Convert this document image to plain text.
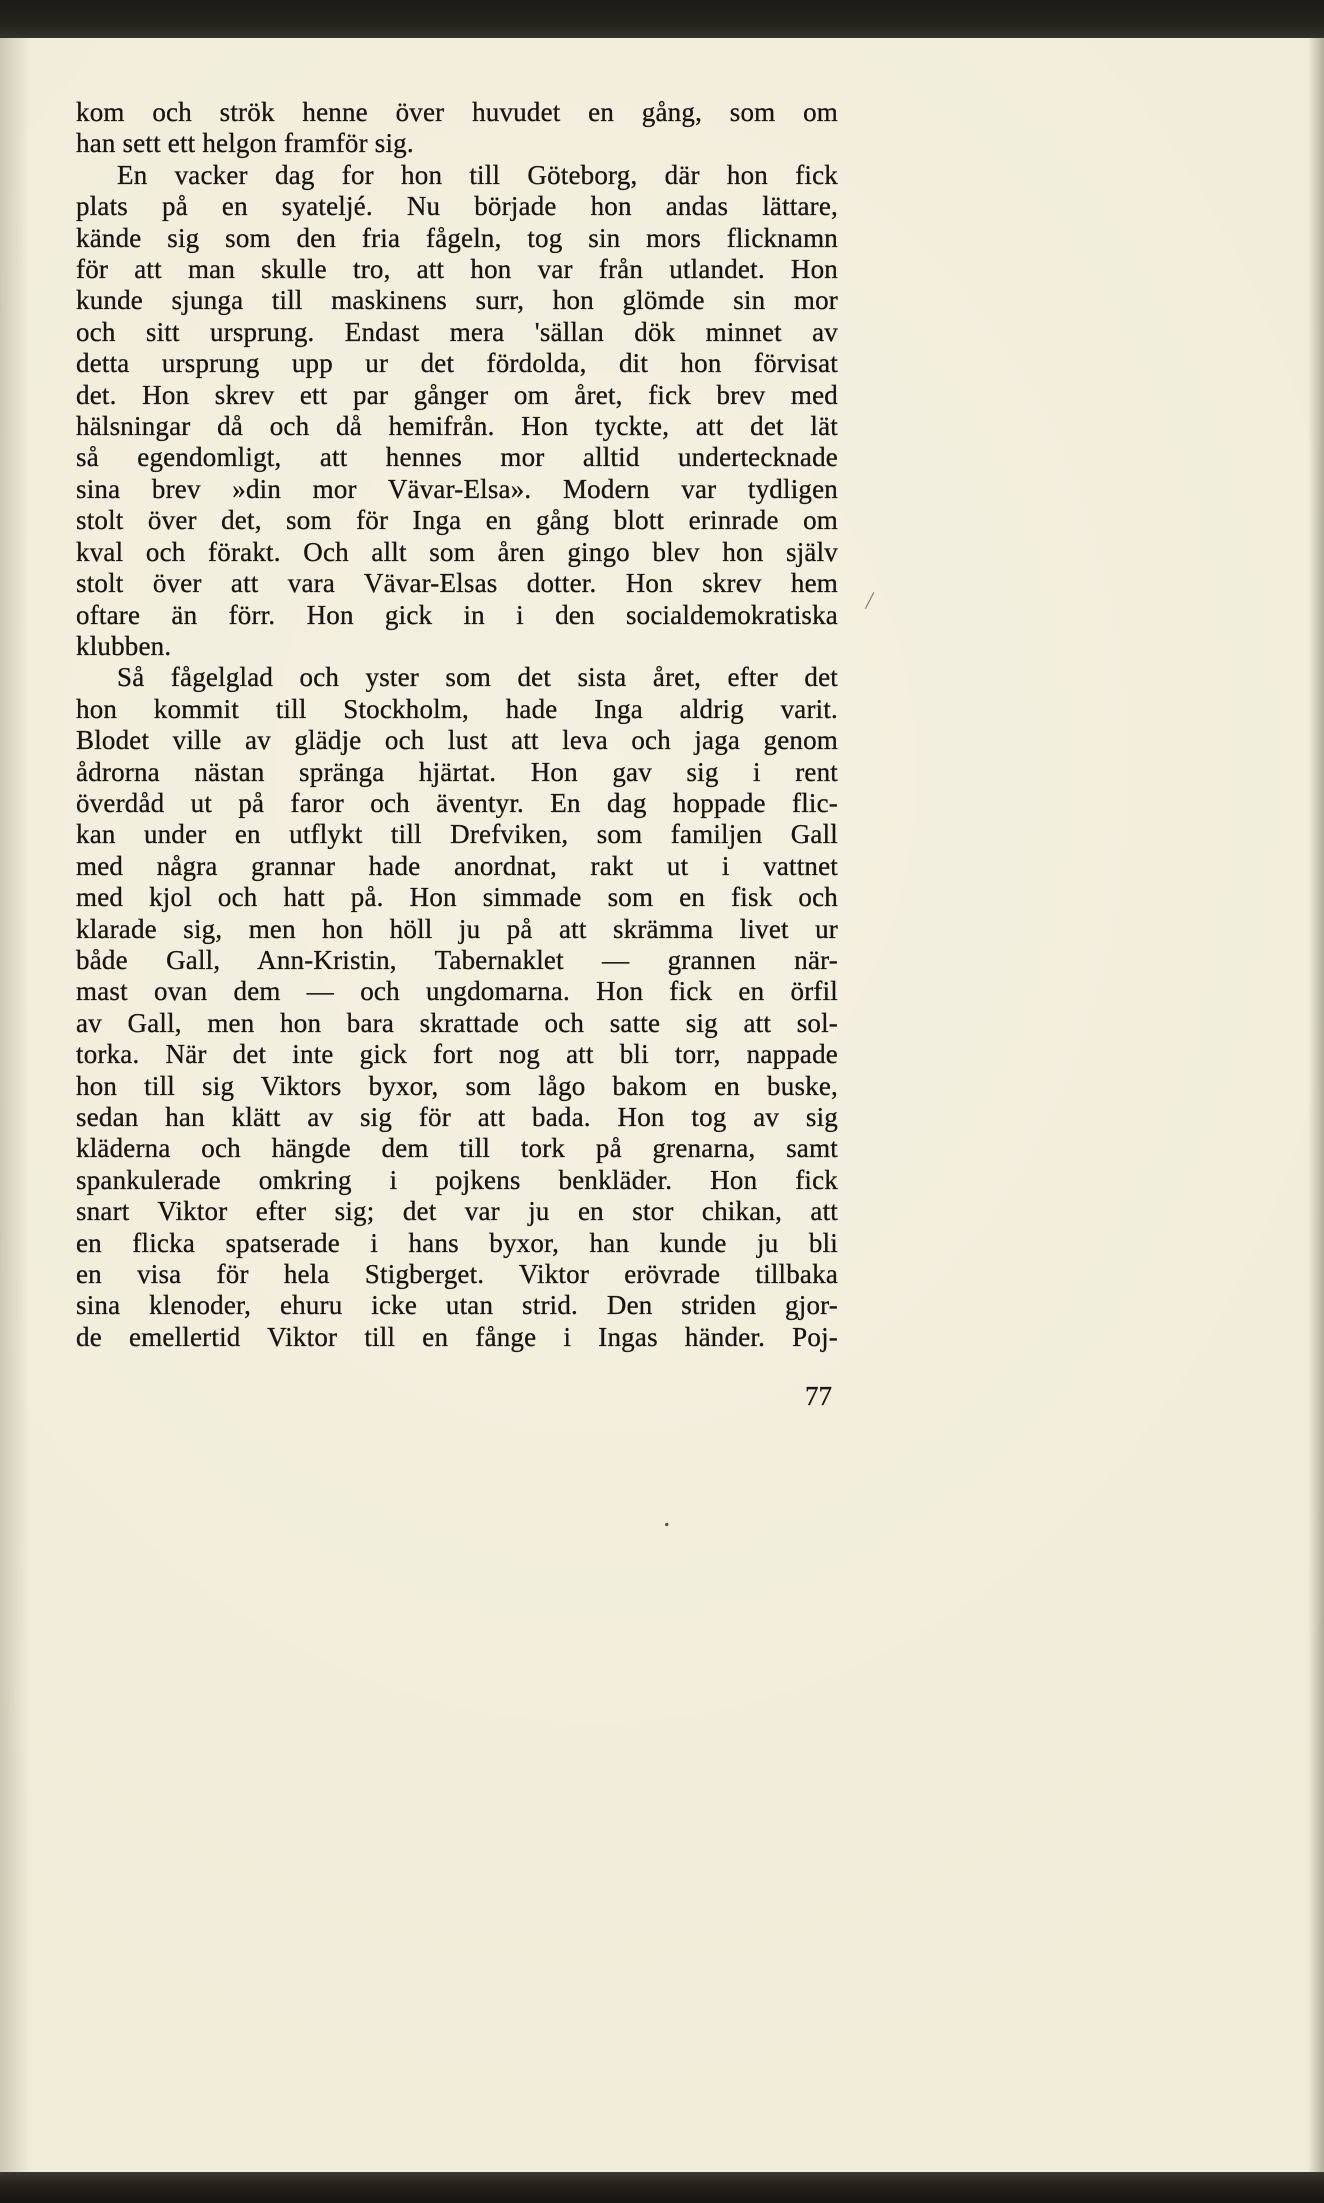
kom och strök henne över huvudet en gång, som om
han sett ett helgon framför sig.
En vacker dag for hon till Göteborg, där hon fick
plats på en syateljé. Nu började hon andas lättare,
kände sig som den fria fågeln, tog sin mors flicknamn
för att man skulle tro, att hon var från utlandet. Hon
kunde sjunga till maskinens surr, hon glömde sin mor
och sitt ursprung. Endast mera 'sällan dök minnet av
detta ursprung upp ur det fördolda, dit hon förvisat
det. Hon skrev ett par gånger om året, fick brev med
hälsningar då och då hemifrån. Hon tyckte, att det lät
så egendomligt, att hennes mor alltid undertecknade
sina brev »din mor Vävar-Elsa». Modern var tydligen
stolt över det, som för Inga en gång blott erinrade om
kval och förakt. Och allt som åren gingo blev hon själv
stolt över att vara Vävar-Elsas dotter. Hon skrev hem
oftare än förr. Hon gick in i den socialdemokratiska
klubben.
Så fågelglad och yster som det sista året, efter det
hon kommit till Stockholm, hade Inga aldrig varit.
Blodet ville av glädje och lust att leva och jaga genom
ådrorna nästan spränga hjärtat. Hon gav sig i rent
överdåd ut på faror och äventyr. En dag hoppade flic-
kan under en utflykt till Drefviken, som familjen Gall
med några grannar hade anordnat, rakt ut i vattnet
med kjol och hatt på. Hon simmade som en fisk och
klarade sig, men hon höll ju på att skrämma livet ur
både Gall, Ann-Kristin, Tabernaklet — grannen när-
mast ovan dem — och ungdomarna. Hon fick en örfil
av Gall, men hon bara skrattade och satte sig att sol-
torka. När det inte gick fort nog att bli torr, nappade
hon till sig Viktors byxor, som lågo bakom en buske,
sedan han klätt av sig för att bada. Hon tog av sig
kläderna och hängde dem till tork på grenarna, samt
spankulerade omkring i pojkens benkläder. Hon fick
snart Viktor efter sig; det var ju en stor chikan, att
en flicka spatserade i hans byxor, han kunde ju bli
en visa för hela Stigberget. Viktor erövrade tillbaka
sina klenoder, ehuru icke utan strid. Den striden gjor-
de emellertid Viktor till en fånge i Ingas händer. Poj-
77
/
.
